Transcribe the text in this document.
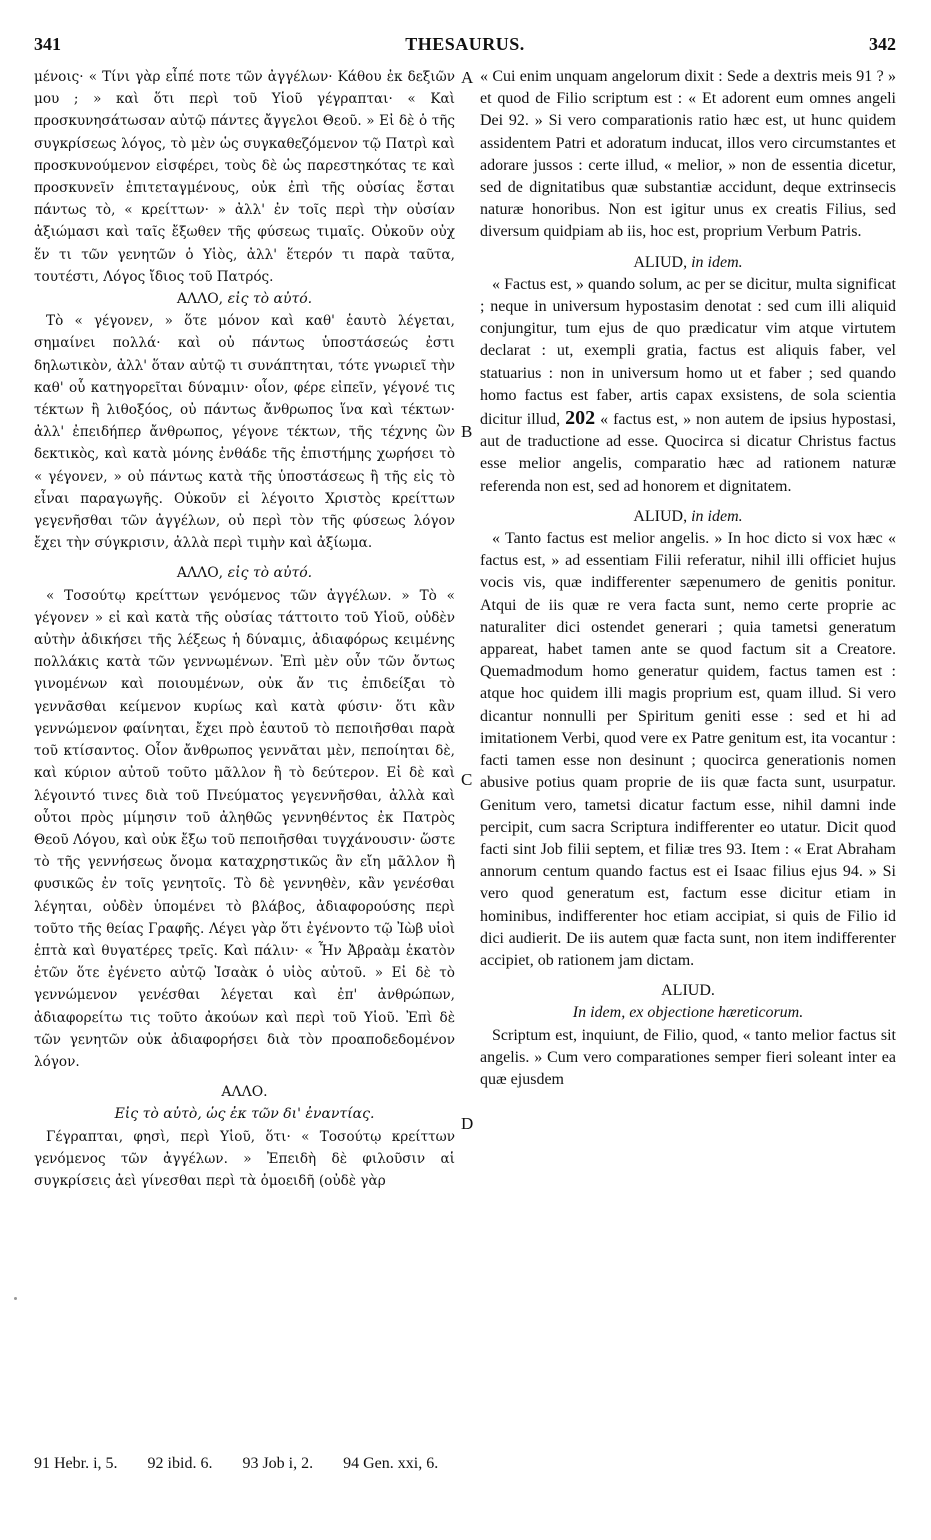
341	THESAURUS.	342

μένοις· « Τίνι γὰρ εἶπέ ποτε τῶν ἀγγέλων· Κάθου ἐκ δεξιῶν μου ; » καὶ ὅτι περὶ τοῦ Υἱοῦ γέγραπται· « Καὶ προσκυνησάτωσαν αὐτῷ πάντες ἄγγελοι Θεοῦ. » Εἰ δὲ ὁ τῆς συγκρίσεως λόγος, τὸ μὲν ὡς συγκαθεζόμενον τῷ Πατρὶ καὶ προσκυνούμενον εἰσφέρει, τοὺς δὲ ὡς παρεστηκότας τε καὶ προσκυνεῖν ἐπιτεταγμένους, οὐκ ἐπὶ τῆς οὐσίας ἔσται πάντως τὸ, « κρείττων· » ἀλλ' ἐν τοῖς περὶ τὴν οὐσίαν ἀξιώμασι καὶ ταῖς ἔξωθεν τῆς φύσεως τιμαῖς. Οὐκοῦν οὐχ ἕν τι τῶν γενητῶν ὁ Υἱὸς, ἀλλ' ἕτερόν τι παρὰ ταῦτα, τουτέστι, Λόγος ἴδιος τοῦ Πατρός.

ΑΛΛΟ, εἰς τὸ αὐτό.

Τὸ « γέγονεν, » ὅτε μόνον καὶ καθ' ἑαυτὸ λέγεται, σημαίνει πολλά· καὶ οὐ πάντως ὑποστάσεώς ἐστι δηλωτικὸν, ἀλλ' ὅταν αὐτῷ τι συνάπτηται, τότε γνωριεῖ τὴν καθ' οὗ κατηγορεῖται δύναμιν· οἷον, φέρε εἰπεῖν, γέγονέ τις τέκτων ἢ λιθοξόος, οὐ πάντως ἄνθρωπος ἵνα καὶ τέκτων· ἀλλ' ἐπειδήπερ ἄνθρωπος, γέγονε τέκτων, τῆς τέχνης ὢν δεκτικὸς, καὶ κατὰ μόνης ἐνθάδε τῆς ἐπιστήμης χωρήσει τὸ « γέγονεν, » οὐ πάντως κατὰ τῆς ὑποστάσεως ἢ τῆς εἰς τὸ εἶναι παραγωγῆς. Οὐκοῦν εἰ λέγοιτο Χριστὸς κρείττων γεγενῆσθαι τῶν ἀγγέλων, οὐ περὶ τὸν τῆς φύσεως λόγον ἔχει τὴν σύγκρισιν, ἀλλὰ περὶ τιμὴν καὶ ἀξίωμα.

ΑΛΛΟ, εἰς τὸ αὐτό.

« Τοσούτῳ κρείττων γενόμενος τῶν ἀγγέλων. » Τὸ « γέγονεν » εἰ καὶ κατὰ τῆς οὐσίας τάττοιτο τοῦ Υἱοῦ, οὐδὲν αὐτὴν ἀδικήσει τῆς λέξεως ἡ δύναμις, ἀδιαφόρως κειμένης πολλάκις κατὰ τῶν γεννωμένων. Ἐπὶ μὲν οὖν τῶν ὄντως γινομένων καὶ ποιουμένων, οὐκ ἄν τις ἐπιδείξαι τὸ γεννᾶσθαι κείμενον κυρίως καὶ κατὰ φύσιν· ὅτι κἂν γεννώμενον φαίνηται, ἔχει πρὸ ἑαυτοῦ τὸ πεποιῆσθαι παρὰ τοῦ κτίσαντος. Οἷον ἄνθρωπος γεννᾶται μὲν, πεποίηται δὲ, καὶ κύριον αὐτοῦ τοῦτο μᾶλλον ἢ τὸ δεύτερον. Εἰ δὲ καὶ λέγοιντό τινες διὰ τοῦ Πνεύματος γεγεννῆσθαι, ἀλλὰ καὶ οὗτοι πρὸς μίμησιν τοῦ ἀληθῶς γεννηθέντος ἐκ Πατρὸς Θεοῦ Λόγου, καὶ οὐκ ἔξω τοῦ πεποιῆσθαι τυγχάνουσιν· ὥστε τὸ τῆς γεννήσεως ὄνομα καταχρηστικῶς ἂν εἴη μᾶλλον ἢ φυσικῶς ἐν τοῖς γενητοῖς. Τὸ δὲ γεννηθὲν, κἂν γενέσθαι λέγηται, οὐδὲν ὑπομένει τὸ βλάβος, ἀδιαφορούσης περὶ τοῦτο τῆς θείας Γραφῆς. Λέγει γὰρ ὅτι ἐγένοντο τῷ Ἰὼβ υἱοὶ ἑπτὰ καὶ θυγατέρες τρεῖς. Καὶ πάλιν· « Ἦν Ἀβραὰμ ἑκατὸν ἐτῶν ὅτε ἐγένετο αὐτῷ Ἰσαὰκ ὁ υἱὸς αὐτοῦ. » Εἰ δὲ τὸ γεννώμενον γενέσθαι λέγεται καὶ ἐπ' ἀνθρώπων, ἀδιαφορείτω τις τοῦτο ἀκούων καὶ περὶ τοῦ Υἱοῦ. Ἐπὶ δὲ τῶν γενητῶν οὐκ ἀδιαφορήσει διὰ τὸν προαποδεδομένον λόγον.

ΑΛΛΟ.

Εἰς τὸ αὐτὸ, ὡς ἐκ τῶν δι' ἐναντίας.

Γέγραπται, φησὶ, περὶ Υἱοῦ, ὅτι· « Τοσούτῳ κρείττων γενόμενος τῶν ἀγγέλων. » Ἐπειδὴ δὲ φιλοῦσιν αἱ συγκρίσεις ἀεὶ γίνεσθαι περὶ τὰ ὁμοειδῆ (οὐδὲ γὰρ

A
B
C
D

« Cui enim unquam angelorum dixit : Sede a dextris meis 91 ? » et quod de Filio scriptum est : « Et adorent eum omnes angeli Dei 92. » Si vero comparationis ratio hæc est, ut hunc quidem assidentem Patri et adoratum inducat, illos vero circumstantes et adorare jussos : certe illud, « melior, » non de essentia dicetur, sed de dignitatibus quæ substantiæ accidunt, deque extrinsecis naturæ honoribus. Non est igitur unus ex creatis Filius, sed diversum quidpiam ab iis, hoc est, proprium Verbum Patris.

ALIUD, in idem.

« Factus est, » quando solum, ac per se dicitur, multa significat ; neque in universum hypostasim denotat : sed cum illi aliquid conjungitur, tum ejus de quo prædicatur vim atque virtutem declarat : ut, exempli gratia, factus est aliquis faber, vel statuarius : non in universum homo ut et faber ; sed quando homo factus est faber, artis capax exsistens, de sola scientia dicitur illud, 202 « factus est, » non autem de ipsius hypostasi, aut de traductione ad esse. Quocirca si dicatur Christus factus esse melior angelis, comparatio hæc ad rationem naturæ referenda non est, sed ad honorem et dignitatem.

ALIUD, in idem.

« Tanto factus est melior angelis. » In hoc dicto si vox hæc « factus est, » ad essentiam Filii referatur, nihil illi officiet hujus vocis vis, quæ indifferenter sæpenumero de genitis ponitur. Atqui de iis quæ re vera facta sunt, nemo certe proprie ac naturaliter dici ostendet generari ; quia tametsi generatum appareat, habet tamen ante se quod factum sit a Creatore. Quemadmodum homo generatur quidem, factus tamen est : atque hoc quidem illi magis proprium est, quam illud. Si vero dicantur nonnulli per Spiritum geniti esse : sed et hi ad imitationem Verbi, quod vere ex Patre genitum est, ita vocantur : facti tamen esse non desinunt ; quocirca generationis nomen abusive potius quam proprie de iis quæ facta sunt, usurpatur. Genitum vero, tametsi dicatur factum esse, nihil damni inde percipit, cum sacra Scriptura indifferenter eo utatur. Dicit quod facti sint Job filii septem, et filiæ tres 93. Item : « Erat Abraham annorum centum quando factus est ei Isaac filius ejus 94. » Si vero quod generatum est, factum esse dicitur etiam in hominibus, indifferenter hoc etiam accipiat, si quis de Filio id dici audierit. De iis autem quæ facta sunt, non item indifferenter accipiet, ob rationem jam dictam.

ALIUD.

In idem, ex objectione hæreticorum.

Scriptum est, inquiunt, de Filio, quod, « tanto melior factus sit angelis. » Cum vero comparationes semper fieri soleant inter ea quæ ejusdem

91 Hebr. i, 5. 92 ibid. 6. 93 Job i, 2. 94 Gen. xxi, 6.
